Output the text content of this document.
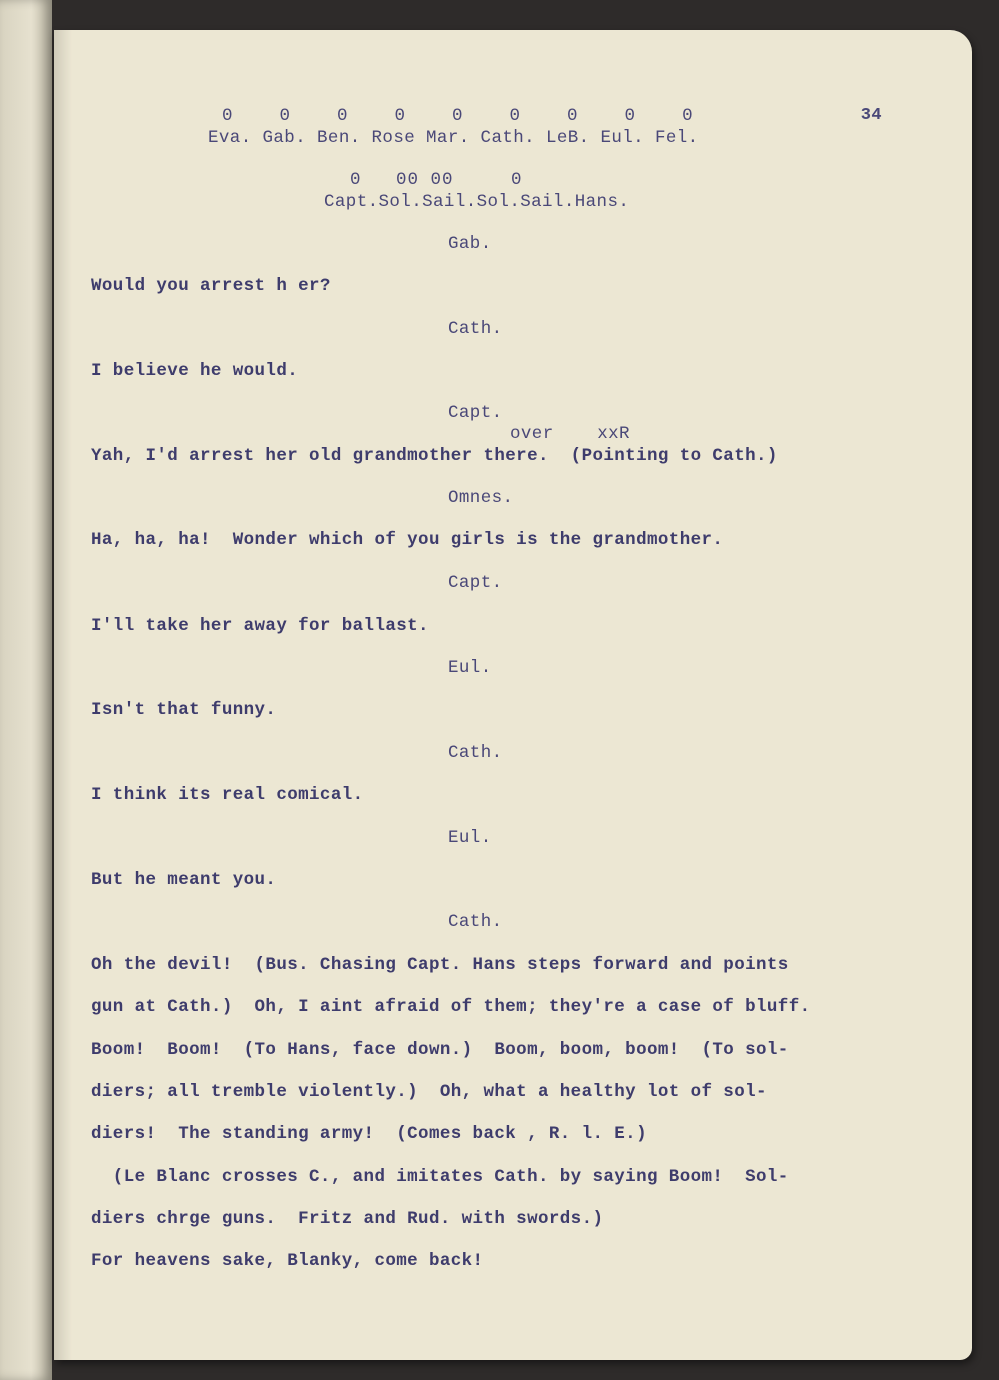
34
0    0    0    0    0    0    0    0    0
Eva. Gab. Ben. Rose Mar. Cath. LeB. Eul. Fel.
0   00 00     0
Capt.Sol.Sail.Sol.Sail.Hans.
Gab.
Would you arrest h er?
Cath.
I believe he would.
Capt.
over    xxR
Yah, I'd arrest her old grandmother there.  (Pointing to Cath.)
Omnes.
Ha, ha, ha!  Wonder which of you girls is the grandmother.
Capt.
I'll take her away for ballast.
Eul.
Isn't that funny.
Cath.
I think its real comical.
Eul.
But he meant you.
Cath.
Oh the devil!  (Bus. Chasing Capt. Hans steps forward and points
gun at Cath.)  Oh, I aint afraid of them; they're a case of bluff.
Boom!  Boom!  (To Hans, face down.)  Boom, boom, boom!  (To sol-
diers; all tremble violently.)  Oh, what a healthy lot of sol-
diers!  The standing army!  (Comes back , R. l. E.)
(Le Blanc crosses C., and imitates Cath. by saying Boom!  Sol-
diers chrge guns.  Fritz and Rud. with swords.)
For heavens sake, Blanky, come back!
